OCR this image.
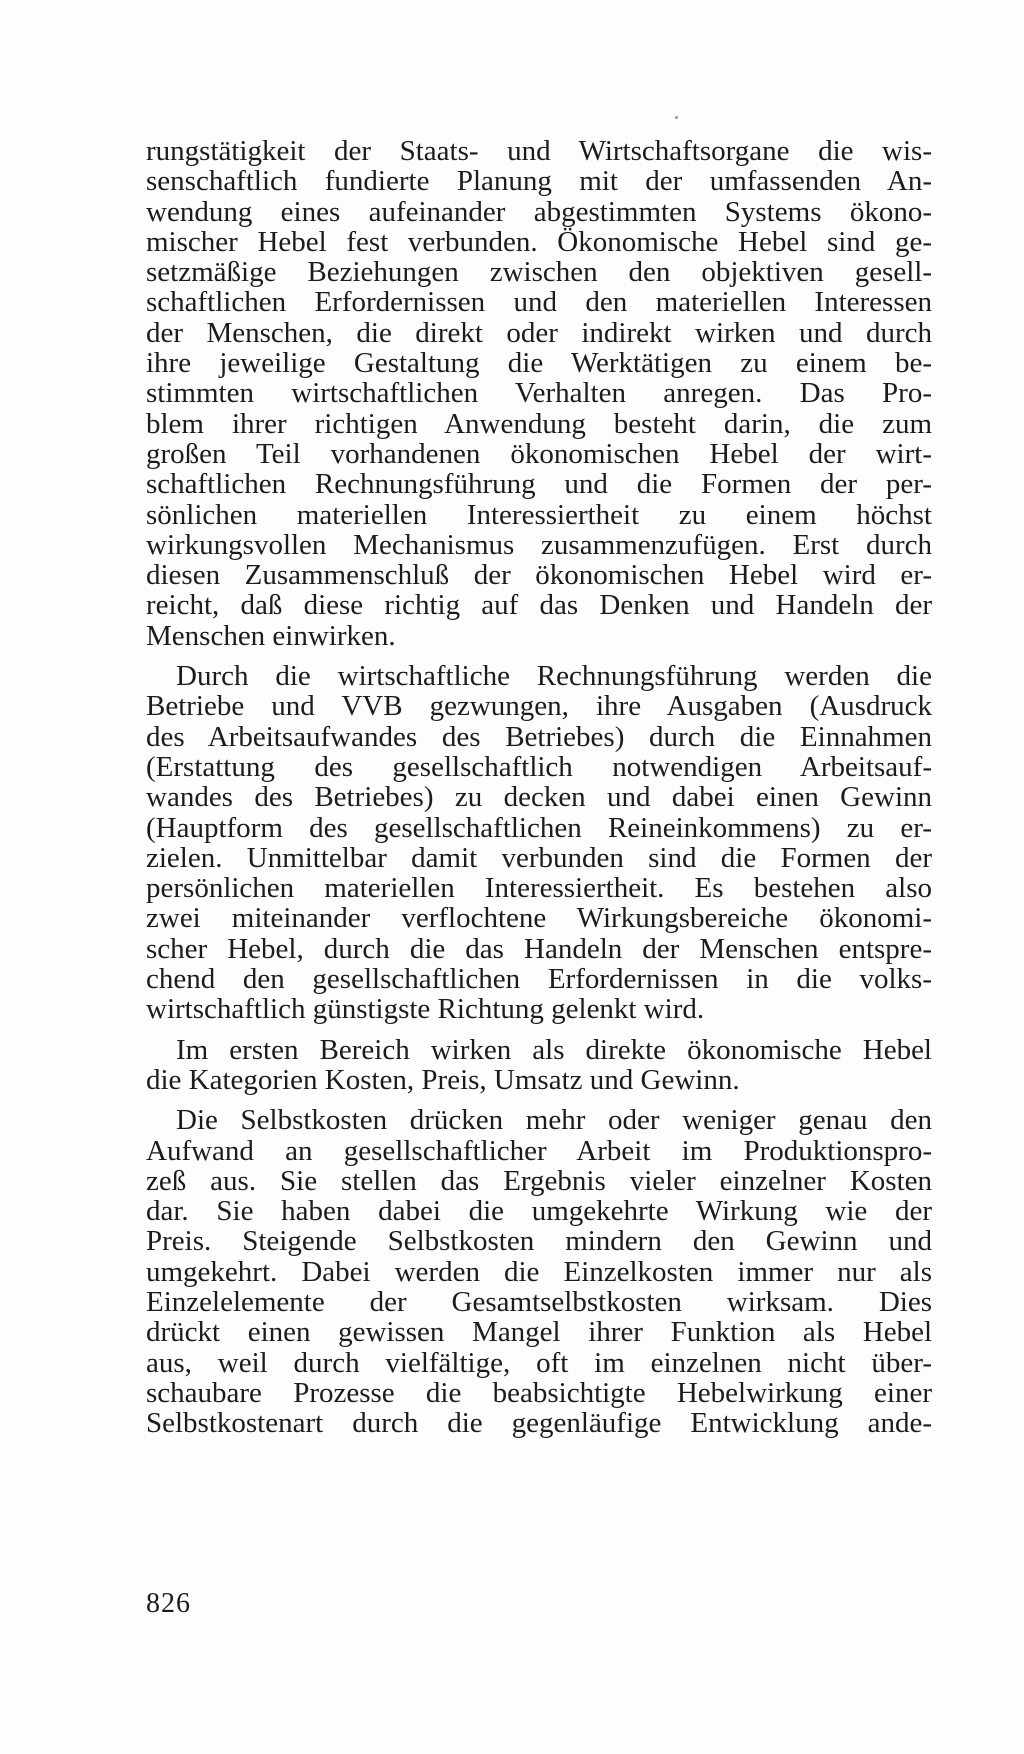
rungstätigkeit der Staats- und Wirtschaftsorgane die wis-
senschaftlich fundierte Planung mit der umfassenden An-
wendung eines aufeinander abgestimmten Systems ökono-
mischer Hebel fest verbunden. Ökonomische Hebel sind ge-
setzmäßige Beziehungen zwischen den objektiven gesell-
schaftlichen Erfordernissen und den materiellen Interessen
der Menschen, die direkt oder indirekt wirken und durch
ihre jeweilige Gestaltung die Werktätigen zu einem be-
stimmten wirtschaftlichen Verhalten anregen. Das Pro-
blem ihrer richtigen Anwendung besteht darin, die zum
großen Teil vorhandenen ökonomischen Hebel der wirt-
schaftlichen Rechnungsführung und die Formen der per-
sönlichen materiellen Interessiertheit zu einem höchst
wirkungsvollen Mechanismus zusammenzufügen. Erst durch
diesen Zusammenschluß der ökonomischen Hebel wird er-
reicht, daß diese richtig auf das Denken und Handeln der
Menschen einwirken.
Durch die wirtschaftliche Rechnungsführung werden die
Betriebe und VVB gezwungen, ihre Ausgaben (Ausdruck
des Arbeitsaufwandes des Betriebes) durch die Einnahmen
(Erstattung des gesellschaftlich notwendigen Arbeitsauf-
wandes des Betriebes) zu decken und dabei einen Gewinn
(Hauptform des gesellschaftlichen Reineinkommens) zu er-
zielen. Unmittelbar damit verbunden sind die Formen der
persönlichen materiellen Interessiertheit. Es bestehen also
zwei miteinander verflochtene Wirkungsbereiche ökonomi-
scher Hebel, durch die das Handeln der Menschen entspre-
chend den gesellschaftlichen Erfordernissen in die volks-
wirtschaftlich günstigste Richtung gelenkt wird.
Im ersten Bereich wirken als direkte ökonomische Hebel
die Kategorien Kosten, Preis, Umsatz und Gewinn.
Die Selbstkosten drücken mehr oder weniger genau den
Aufwand an gesellschaftlicher Arbeit im Produktionspro-
zeß aus. Sie stellen das Ergebnis vieler einzelner Kosten
dar. Sie haben dabei die umgekehrte Wirkung wie der
Preis. Steigende Selbstkosten mindern den Gewinn und
umgekehrt. Dabei werden die Einzelkosten immer nur als
Einzelelemente der Gesamtselbstkosten wirksam. Dies
drückt einen gewissen Mangel ihrer Funktion als Hebel
aus, weil durch vielfältige, oft im einzelnen nicht über-
schaubare Prozesse die beabsichtigte Hebelwirkung einer
Selbstkostenart durch die gegenläufige Entwicklung ande-
826
